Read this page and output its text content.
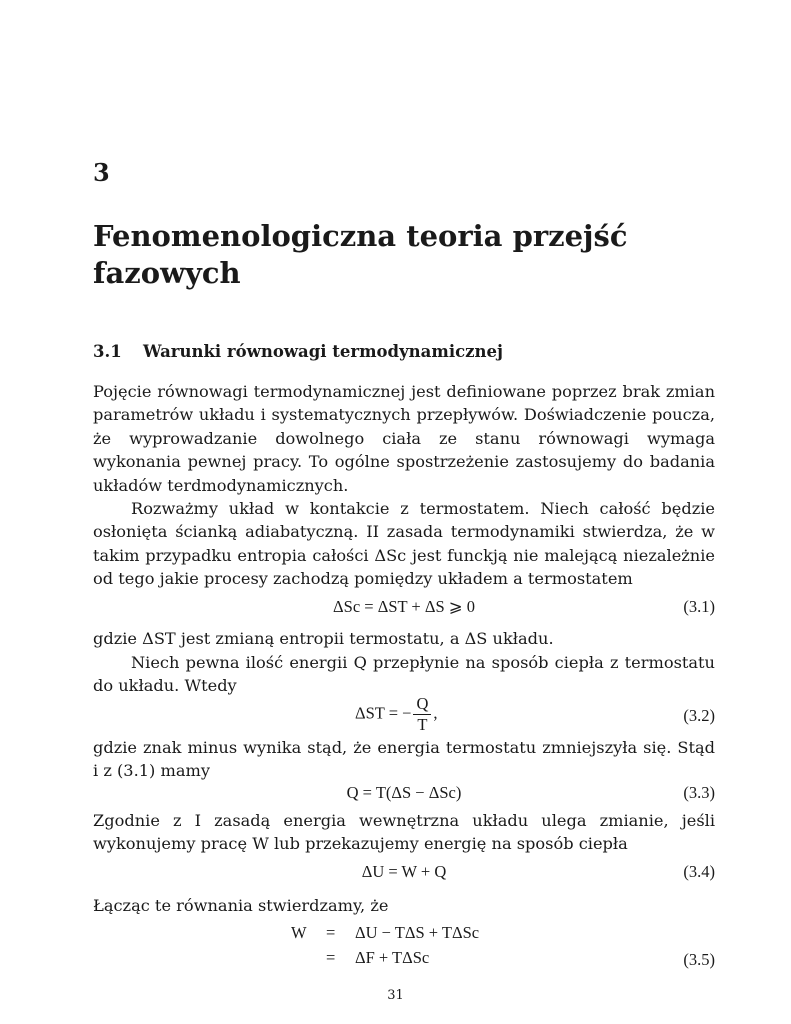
3
Fenomenologiczna teoria przejść fazowych
3.1 Warunki równowagi termodynamicznej

Pojęcie równowagi termodynamicznej jest definiowane poprzez brak zmian parametrów układu i systematycznych przepływów. Doświadczenie poucza, że wyprowadzanie dowolnego ciała ze stanu równowagi wymaga wykonania pewnej pracy. To ogólne spostrzeżenie zastosujemy do badania układów terdmodynamicznych.

Rozważmy układ w kontakcie z termostatem. Niech całość będzie osłonięta ścianką adiabatyczną. II zasada termodynamiki stwierdza, że w takim przypadku entropia całości ΔSc jest funckją nie malejącą niezależnie od tego jakie procesy zachodzą pomiędzy układem a termostatem

ΔSc = ΔST + ΔS ⩾ 0	(3.1)

gdzie ΔST jest zmianą entropii termostatu, a ΔS układu.

Niech pewna ilość energii Q przepłynie na sposób ciepła z termostatu do układu. Wtedy

ΔST = − $\frac{Q}{T}$ ,	(3.2)

gdzie znak minus wynika stąd, że energia termostatu zmniejszyła się. Stąd i z (3.1) mamy

Q = T(ΔS − ΔSc)	(3.3)

Zgodnie z I zasadą energia wewnętrzna układu ulega zmianie, jeśli wykonujemy pracę W lub przekazujemy energię na sposób ciepła

ΔU = W + Q	(3.4)

Łącząc te równania stwierdzamy, że

W = ΔU − TΔS + TΔSc
= ΔF + TΔSc	(3.5)
31
